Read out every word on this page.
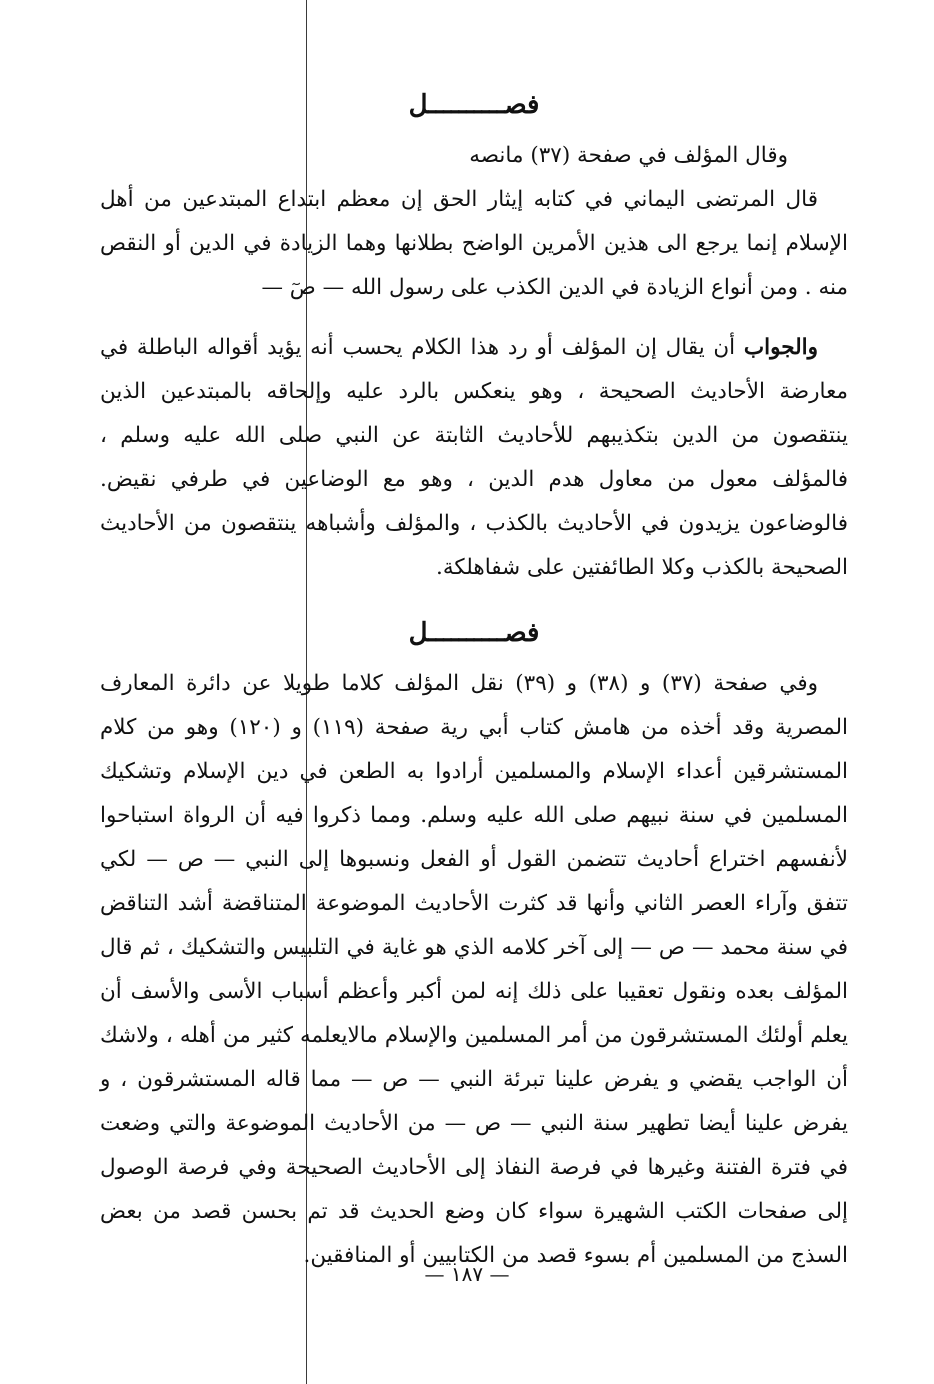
فصــــــــــل

وقال المؤلف في صفحة (٣٧) مانصه

قال المرتضى اليماني في كتابه إيثار الحق إن معظم ابتداع المبتدعين من أهل الإسلام إنما يرجع الى هذين الأمرين الواضح بطلانها وهما الزيادة في الدين أو النقص منه . ومن أنواع الزيادة في الدين الكذب على رسول الله — صٓ —

والجواب أن يقال إن المؤلف أو رد هذا الكلام يحسب أنه يؤيد أقواله الباطلة في معارضة الأحاديث الصحيحة ، وهو ينعكس بالرد عليه وإلحاقه بالمبتدعين الذين ينتقصون من الدين بتكذيبهم للأحاديث الثابتة عن النبي صلى الله عليه وسلم ، فالمؤلف معول من معاول هدم الدين ، وهو مع الوضاعين في طرفي نقيض. فالوضاعون يزيدون في الأحاديث بالكذب ، والمؤلف وأشباهه ينتقصون من الأحاديث الصحيحة بالكذب وكلا الطائفتين على شفاهلكة.

فصــــــــــل

وفي صفحة (٣٧) و (٣٨) و (٣٩) نقل المؤلف كلاما طويلا عن دائرة المعارف المصرية وقد أخذه من هامش كتاب أبي رية صفحة (١١٩) و (١٢٠) وهو من كلام المستشرقين أعداء الإسلام والمسلمين أرادوا به الطعن في دين الإسلام وتشكيك المسلمين في سنة نبيهم صلى الله عليه وسلم. ومما ذكروا فيه أن الرواة استباحوا لأنفسهم اختراع أحاديث تتضمن القول أو الفعل ونسبوها إلى النبي — ص — لكي تتفق وآراء العصر الثاني وأنها قد كثرت الأحاديث الموضوعة المتناقضة أشد التناقض في سنة محمد — ص — إلى آخر كلامه الذي هو غاية في التلبيس والتشكيك ، ثم قال المؤلف بعده ونقول تعقيبا على ذلك إنه لمن أكبر وأعظم أسباب الأسى والأسف أن يعلم أولئك المستشرقون من أمر المسلمين والإسلام مالايعلمه كثير من أهله ، ولاشك أن الواجب يقضي و يفرض علينا تبرئة النبي — ص — مما قاله المستشرقون ، و يفرض علينا أيضا تطهير سنة النبي — ص — من الأحاديث الموضوعة والتي وضعت في فترة الفتنة وغيرها في فرصة النفاذ إلى الأحاديث الصحيحة وفي فرصة الوصول إلى صفحات الكتب الشهيرة سواء كان وضع الحديث قد تم بحسن قصد من بعض السذج من المسلمين أم بسوء قصد من الكتابيين أو المنافقين.

— ١٨٧ —
